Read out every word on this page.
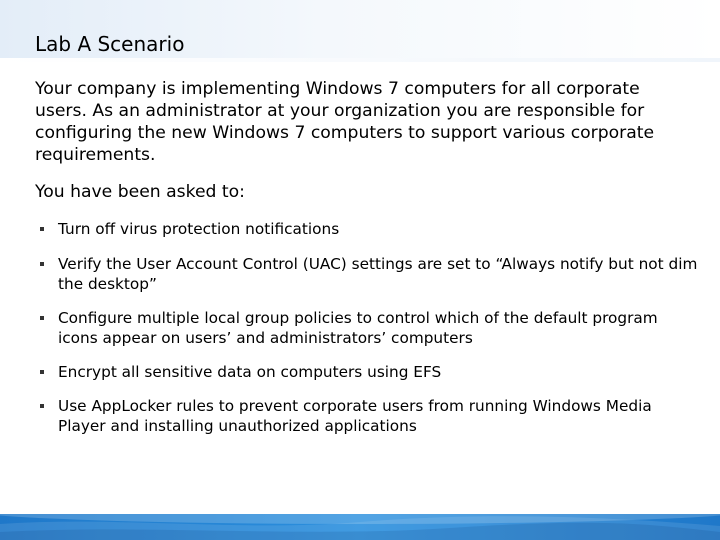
Lab A Scenario

Your company is implementing Windows 7 computers for all corporate users. As an administrator at your organization you are responsible for configuring the new Windows 7 computers to support various corporate requirements.

You have been asked to:

Turn off virus protection notifications
Verify the User Account Control (UAC) settings are set to “Always notify but not dim the desktop”
Configure multiple local group policies to control which of the default program icons appear on users’ and administrators’ computers
Encrypt all sensitive data on computers using EFS
Use AppLocker rules to prevent corporate users from running Windows Media Player and installing unauthorized applications
